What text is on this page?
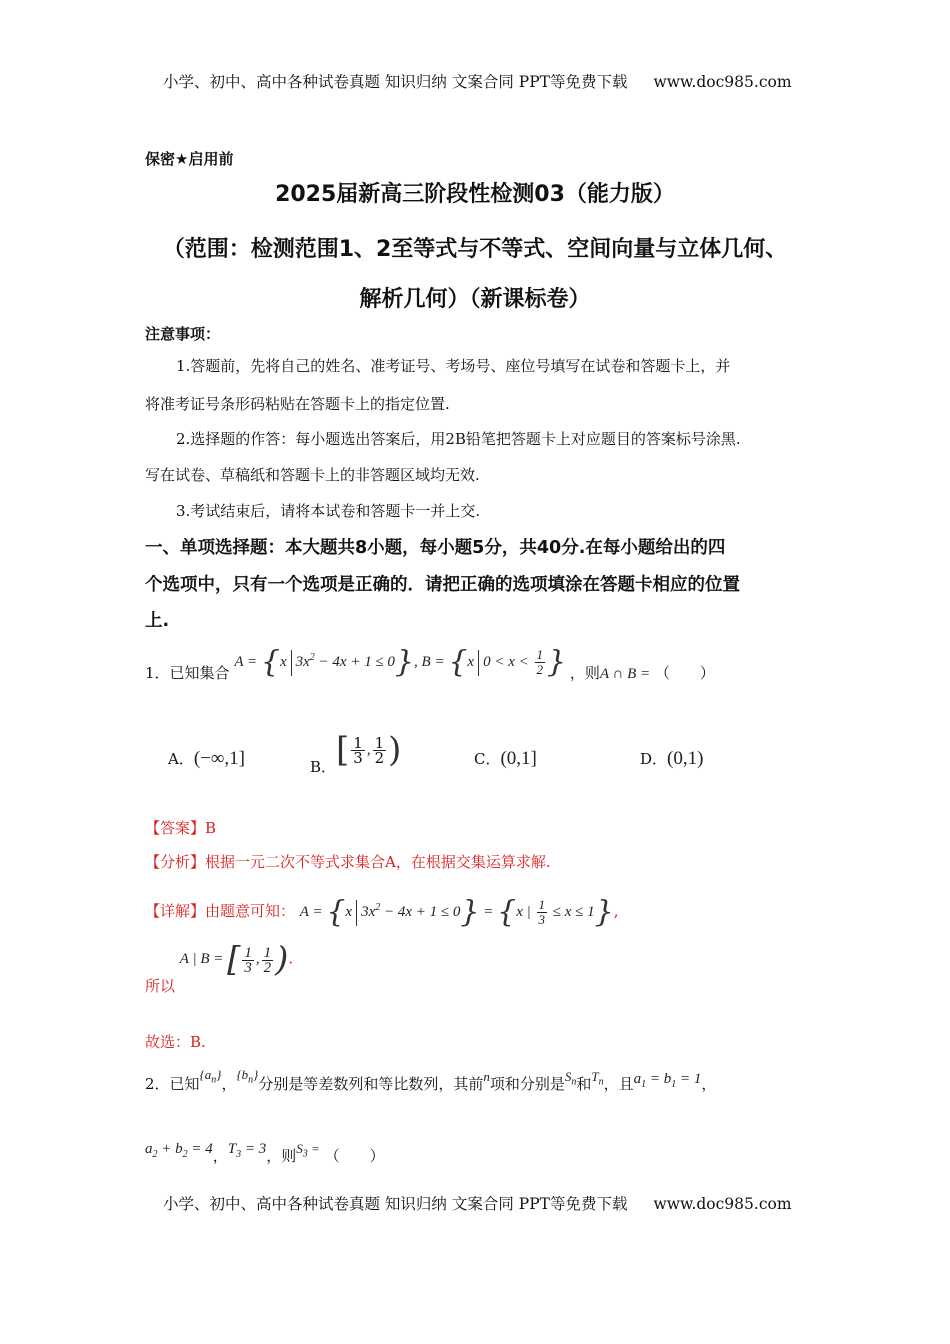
小学、初中、高中各种试卷真题 知识归纳 文案合同 PPT等免费下载 www.doc985.com
保密★启用前
2025届新高三阶段性检测03（能力版）
（范围：检测范围1、2至等式与不等式、空间向量与立体几何、
解析几何）（新课标卷）
注意事项：
1.答题前，先将自己的姓名、准考证号、考场号、座位号填写在试卷和答题卡上，并
将准考证号条形码粘贴在答题卡上的指定位置.
2.选择题的作答：每小题选出答案后，用2B铅笔把答题卡上对应题目的答案标号涂黑.
写在试卷、草稿纸和答题卡上的非答题区域均无效.
3.考试结束后，请将本试卷和答题卡一并上交.
一、单项选择题：本大题共8小题，每小题5分，共40分.在每小题给出的四
个选项中，只有一个选项是正确的．请把正确的选项填涂在答题卡相应的位置
上.
1．已知集合 A = {x $3x^2 - 4x + 1 \le 0$}, B = {x $0 < x < \frac{1}{2}$ } ，则A ∩ B = （　　）
A．(−∞,1]	B．[ $\frac{1}{3}$ , $\frac{1}{2}$ )	C．(0,1]	D．(0,1)
【答案】B
【分析】根据一元二次不等式求集合A，在根据交集运算求解.
【详解】由题意可知： A = {x $3x^2 - 4x + 1 \le 0\} = \{x$ | $\frac{1}{3} \le x \le 1$},
所以 A | B = [ $\frac{1}{3}$ , $\frac{1}{2}$ ).
故选：B.
2．已知$\{a_n\}$，$\{b_n\}$分别是等差数列和等比数列，其前n项和分别是$S_n$和$T_n$，且$a_1 = b_1 = 1$，
$a_2 + b_2 = 4$，$T_3 = 3$，则$S_3$ = （　　）
小学、初中、高中各种试卷真题 知识归纳 文案合同 PPT等免费下载 www.doc985.com
